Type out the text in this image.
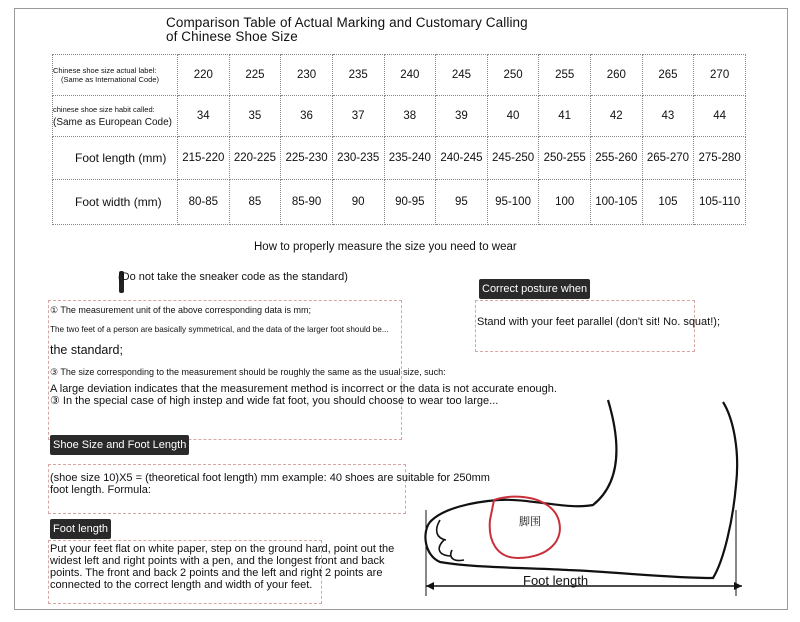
Comparison Table of Actual Marking and Customary Calling
of Chinese Shoe Size
Chinese shoe size actual label:
(Same as International Code)	220	225	230	235	240	245	250	255	260	265	270

chinese shoe size habit called:
(Same as European Code)	34	35	36	37	38	39	40	41	42	43	44
Foot length (mm)	215-220	220-225	225-230	230-235	235-240	240-245	245-250	250-255	255-260	265-270	275-280
Foot width (mm)	80-85	85	85-90	90	90-95	95	95-100	100	100-105	105	105-110
How to properly measure the size you need to wear
(Do not take the sneaker code as the standard)
① The measurement unit of the above corresponding data is mm;
The two feet of a person are basically symmetrical, and the data of the larger foot should be...
the standard;
③ The size corresponding to the measurement should be roughly the same as the usual size, such:
A large deviation indicates that the measurement method is incorrect or the data is not accurate enough. ③ In the special case of high instep and wide fat foot, you should choose to wear too large...
Correct posture when
Stand with your feet parallel (don't sit! No. squat!);
Shoe Size and Foot Length
(shoe size 10)X5 = (theoretical foot length) mm example: 40 shoes are suitable for 250mm foot length. Formula:
Foot length
Put your feet flat on white paper, step on the ground hard, point out the widest left and right points with a pen, and the longest front and back points. The front and back 2 points and the left and right 2 points are connected to the correct length and width of your feet.
脚围
Foot length
